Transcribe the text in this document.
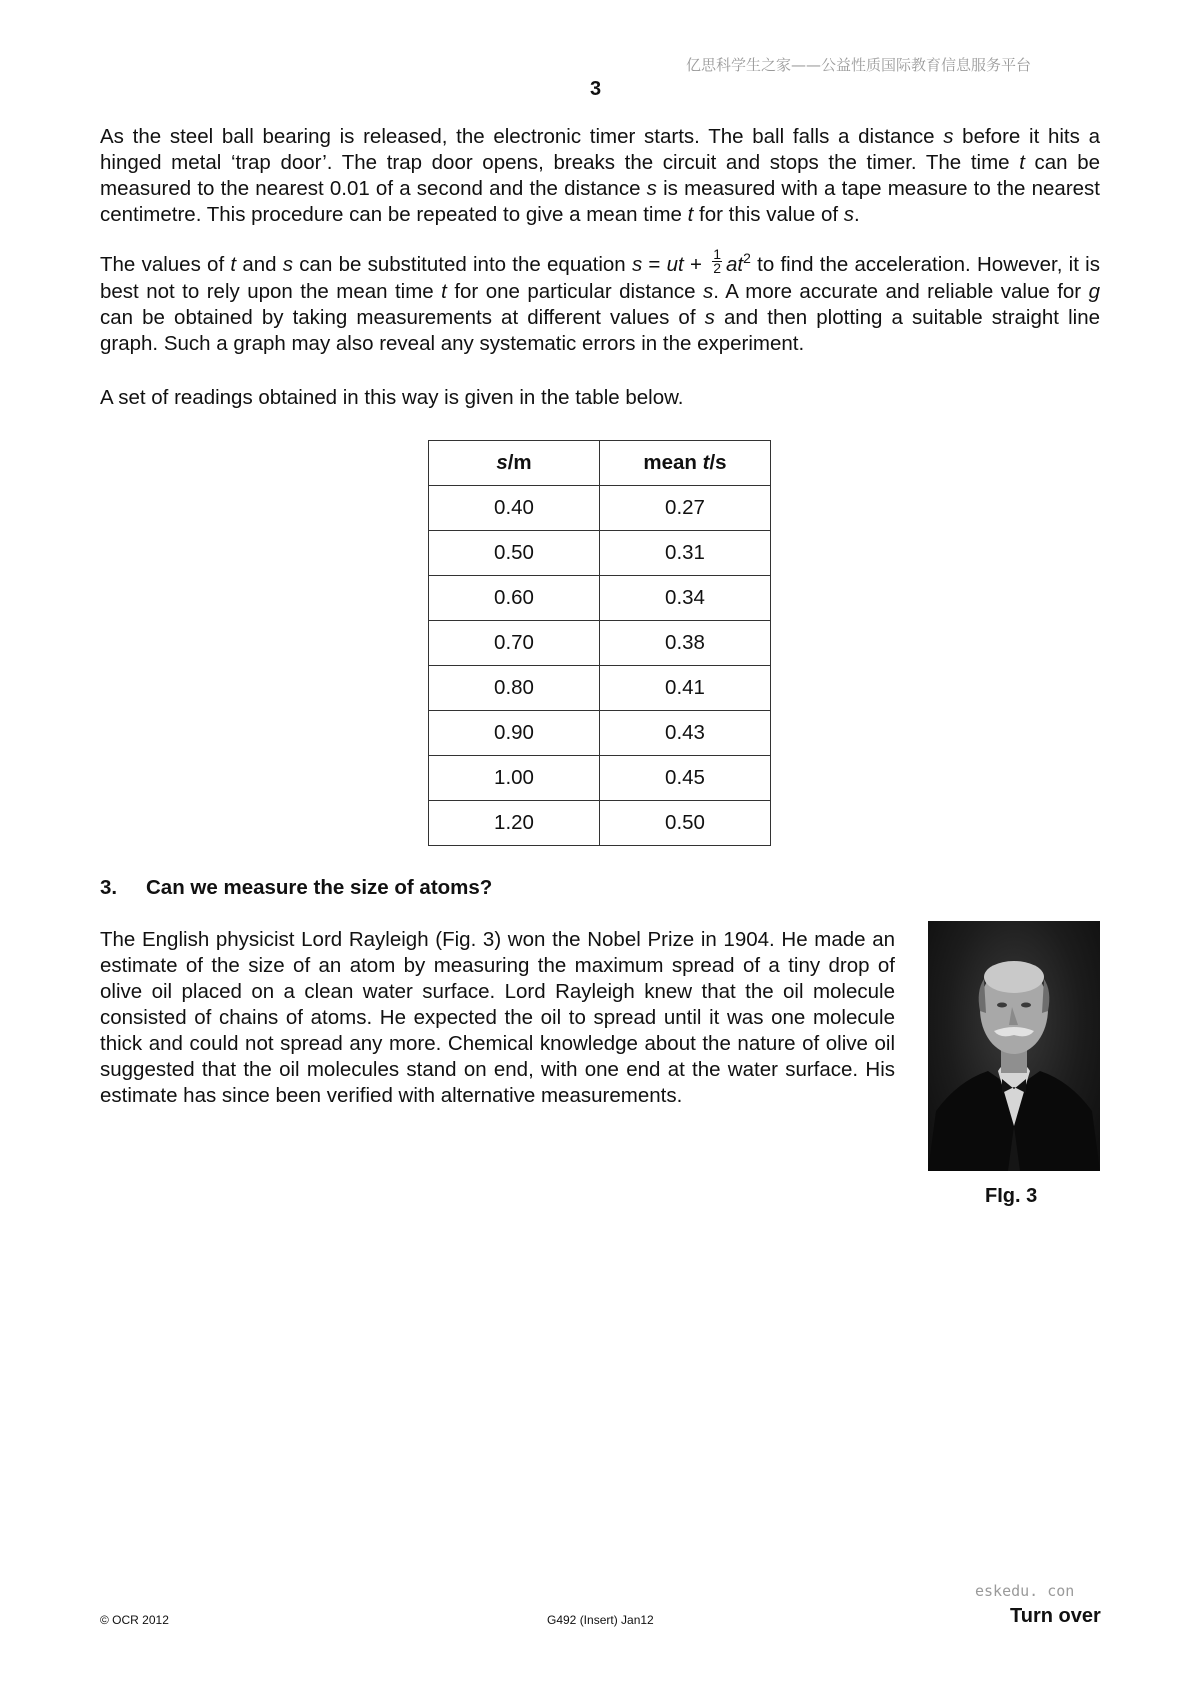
亿思科学生之家——公益性质国际教育信息服务平台
3

As the steel ball bearing is released, the electronic timer starts. The ball falls a distance s before it hits a hinged metal ‘trap door’. The trap door opens, breaks the circuit and stops the timer. The time t can be measured to the nearest 0.01 of a second and the distance s is measured with a tape measure to the nearest centimetre. This procedure can be repeated to give a mean time t for this value of s.

The values of t and s can be substituted into the equation s = ut + $\frac{1}{2} at^2$ to find the acceleration. However, it is best not to rely upon the mean time t for one particular distance s. A more accurate and reliable value for g can be obtained by taking measurements at different values of s and then plotting a suitable straight line graph. Such a graph may also reveal any systematic errors in the experiment.

A set of readings obtained in this way is given in the table below.

s/m	mean t/s
0.40	0.27
0.50	0.31
0.60	0.34
0.70	0.38
0.80	0.41
0.90	0.43
1.00	0.45
1.20	0.50
3. Can we measure the size of atoms?

The English physicist Lord Rayleigh (Fig. 3) won the Nobel Prize in 1904. He made an estimate of the size of an atom by measuring the maximum spread of a tiny drop of olive oil placed on a clean water surface. Lord Rayleigh knew that the oil molecule consisted of chains of atoms. He expected the oil to spread until it was one molecule thick and could not spread any more. Chemical knowledge about the nature of olive oil suggested that the oil molecules stand on end, with one end at the water surface. His estimate has since been verified with alternative measurements.

FIg. 3
eskedu. con
© OCR 2012	G492 (Insert) Jan12	Turn over
